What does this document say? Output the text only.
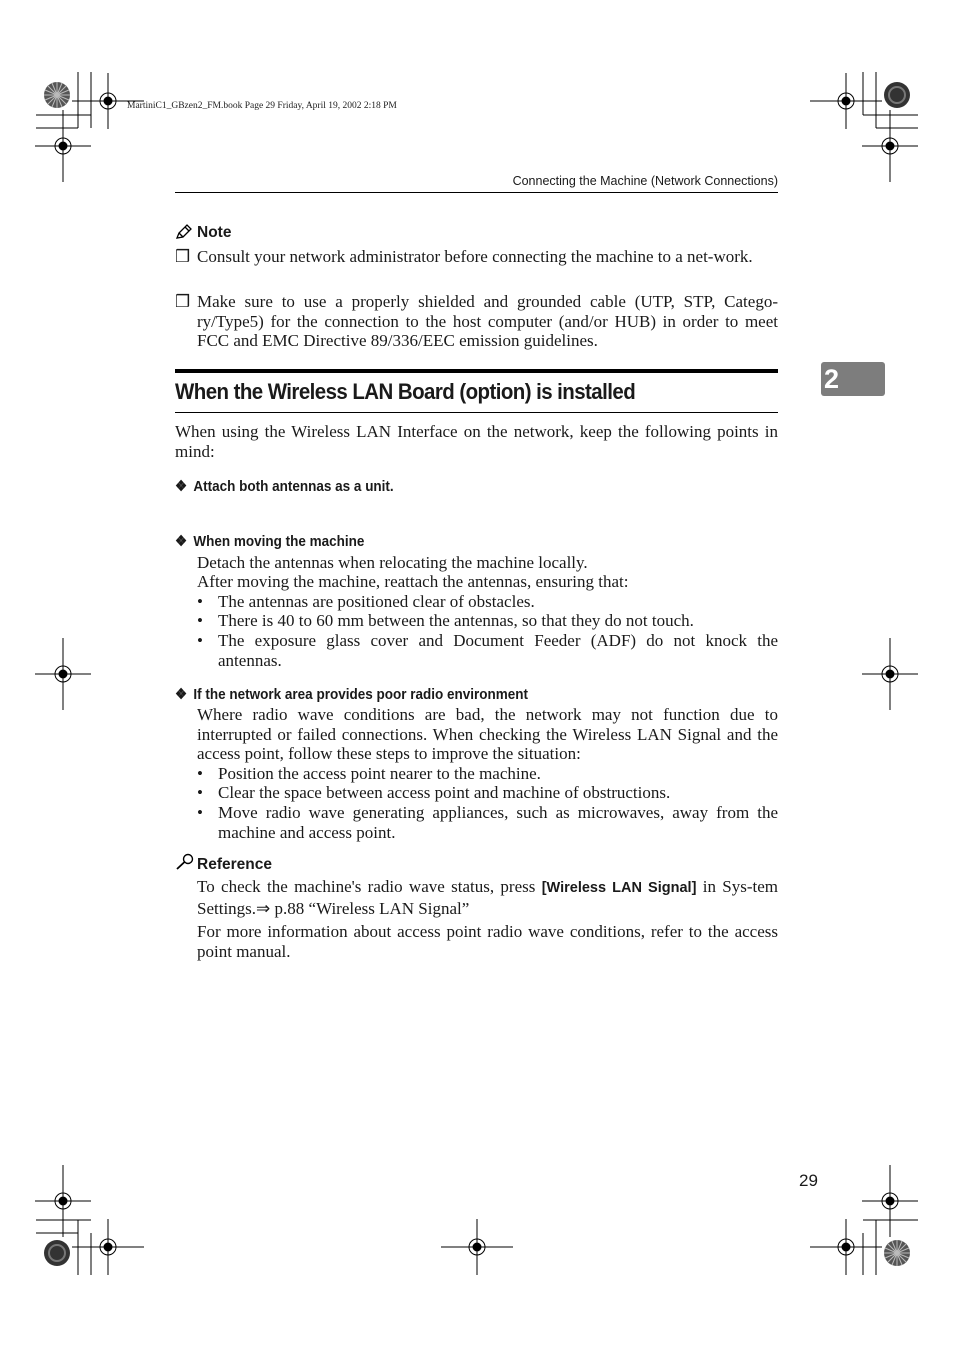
MartiniC1_GBzen2_FM.book Page 29 Friday, April 19, 2002 2:18 PM
Connecting the Machine (Network Connections)
Note
❒ Consult your network administrator before connecting the machine to a net-work.
❒ Make sure to use a properly shielded and grounded cable (UTP, STP, Catego-ry/Type5) for the connection to the host computer (and/or HUB) in order to meet FCC and EMC Directive 89/336/EEC emission guidelines.
When the Wireless LAN Board (option) is installed	2
When using the Wireless LAN Interface on the network, keep the following points in mind:
❖ Attach both antennas as a unit.
❖ When moving the machine
Detach the antennas when relocating the machine locally.
After moving the machine, reattach the antennas, ensuring that:
• The antennas are positioned clear of obstacles.
• There is 40 to 60 mm between the antennas, so that they do not touch.
• The exposure glass cover and Document Feeder (ADF) do not knock the antennas.
❖ If the network area provides poor radio environment
Where radio wave conditions are bad, the network may not function due to interrupted or failed connections. When checking the Wireless LAN Signal and the access point, follow these steps to improve the situation:
• Position the access point nearer to the machine.
• Clear the space between access point and machine of obstructions.
• Move radio wave generating appliances, such as microwaves, away from the machine and access point.
Reference
To check the machine's radio wave status, press [Wireless LAN Signal] in Sys-tem Settings.⇒ p.88 “Wireless LAN Signal”
For more information about access point radio wave conditions, refer to the access point manual.
29
